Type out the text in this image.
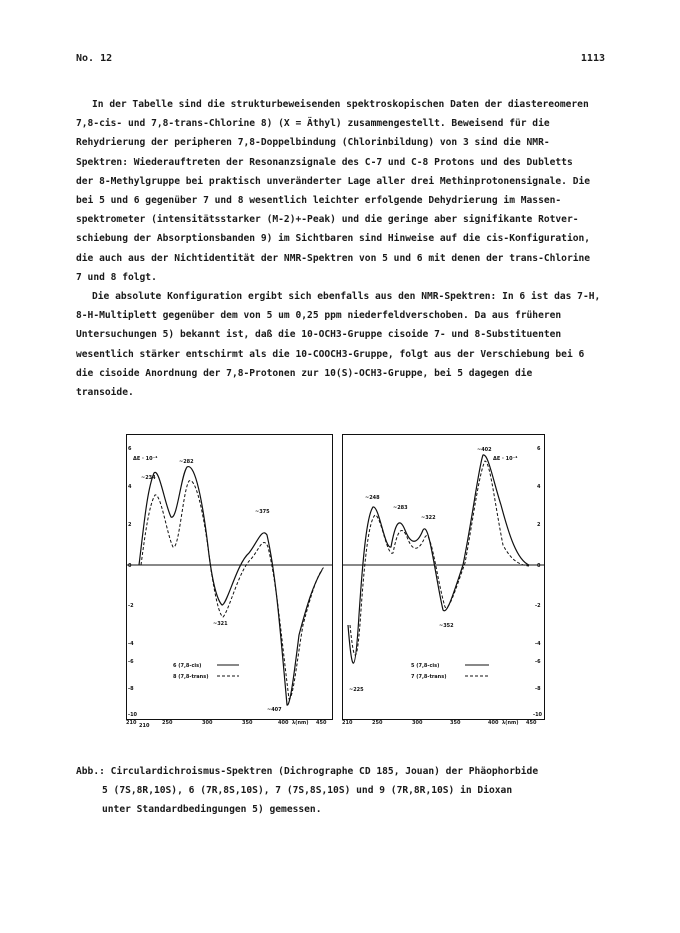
No. 12	1113
In der Tabelle sind die strukturbeweisenden spektroskopischen Daten der diastereomeren
7,8-cis- und 7,8-trans-Chlorine 8) (X = Äthyl) zusammengestellt. Beweisend für die
Rehydrierung der peripheren 7,8-Doppelbindung (Chlorinbildung) von 3 sind die NMR-
Spektren: Wiederauftreten der Resonanzsignale des C-7 und C-8 Protons und des Dubletts
der 8-Methylgruppe bei praktisch unveränderter Lage aller drei Methinprotonensignale. Die
bei 5 und 6 gegenüber 7 und 8 wesentlich leichter erfolgende Dehydrierung im Massen-
spektrometer (intensitätsstarker (M-2)+-Peak) und die geringe aber signifikante Rotver-
schiebung der Absorptionsbanden 9) im Sichtbaren sind Hinweise auf die cis-Konfiguration,
die auch aus der Nichtidentität der NMR-Spektren von 5 und 6 mit denen der trans-Chlorine
7 und 8 folgt.
Die absolute Konfiguration ergibt sich ebenfalls aus den NMR-Spektren: In 6 ist das 7-H,
8-H-Multiplett gegenüber dem von 5 um 0,25 ppm niederfeldverschoben. Da aus früheren
Untersuchungen 5) bekannt ist, daß die 10-OCH3-Gruppe cisoide 7- und 8-Substituenten
wesentlich stärker entschirmt als die 10-COOCH3-Gruppe, folgt aus der Verschiebung bei 6
die cisoide Anordnung der 7,8-Protonen zur 10(S)-OCH3-Gruppe, bei 5 dagegen die
transoide.
6
4
2
0
-2
-4
-6
-8
-10
ΔΕ · 10⁻⁴
210
~234
~282
~375
~321
~407
6 (7,8-cis)
8 (7,8-trans)
6
4
2
0
-2
-4
-6
-8
-10
ΔΕ · 10⁻⁴
~402
~248
~283
~322
~352
~225
5 (7,8-cis)
7 (7,8-trans)
210	250	300	350	400 λ(nm) 450	210	250	300	350	400 λ(nm) 450
Abb.: Circulardichroismus-Spektren (Dichrographe CD 185, Jouan) der Phäophorbide
5 (7S,8R,10S), 6 (7R,8S,10S), 7 (7S,8S,10S) und 9 (7R,8R,10S) in Dioxan
unter Standardbedingungen 5) gemessen.
